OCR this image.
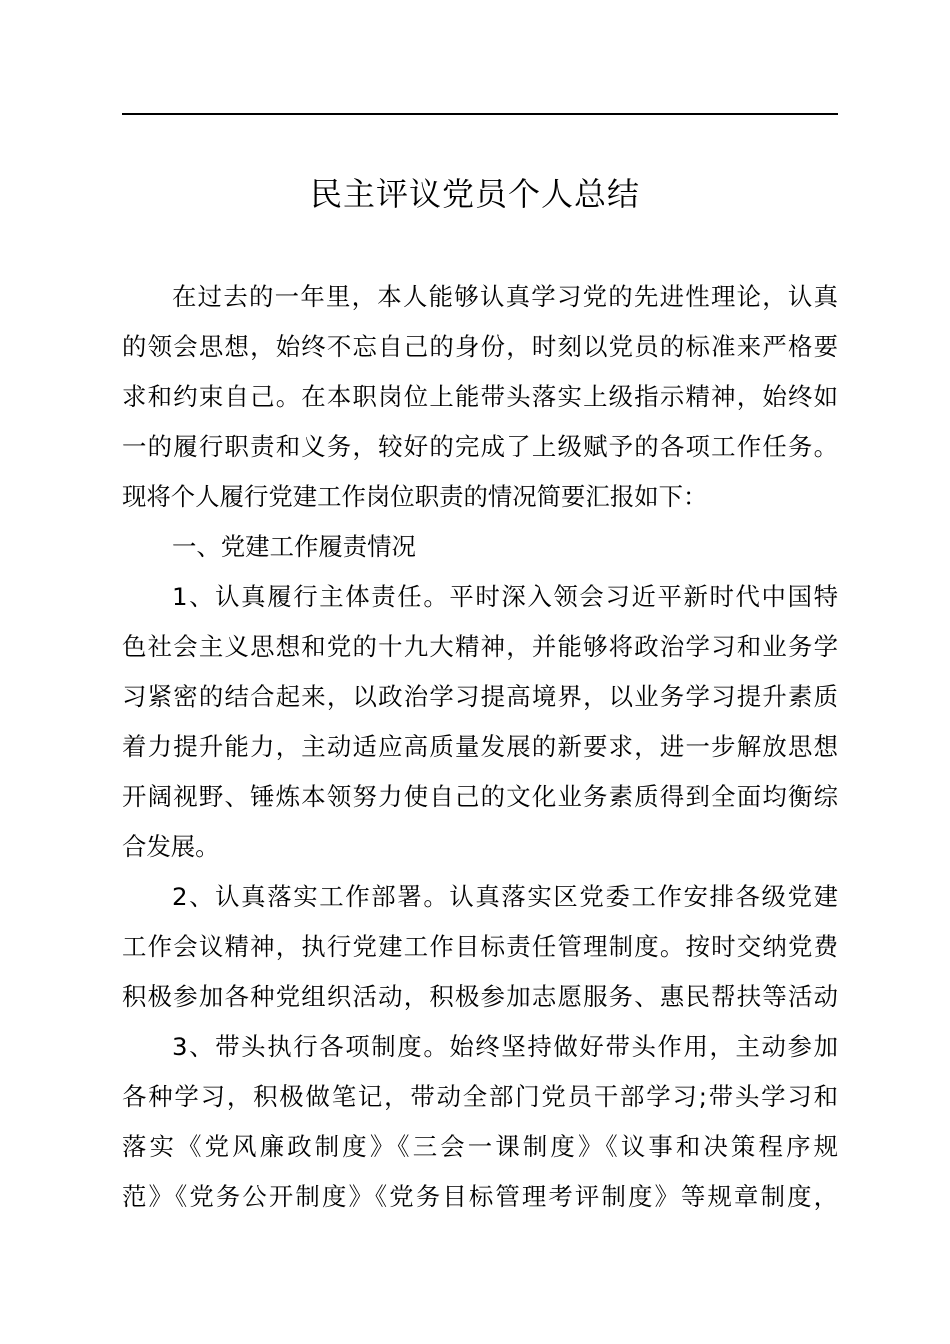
民主评议党员个人总结
在过去的一年里，本人能够认真学习党的先进性理论，认真
的领会思想，始终不忘自己的身份，时刻以党员的标准来严格要
求和约束自己。在本职岗位上能带头落实上级指示精神，始终如
一的履行职责和义务，较好的完成了上级赋予的各项工作任务。
现将个人履行党建工作岗位职责的情况简要汇报如下：
一、党建工作履责情况
1、认真履行主体责任。平时深入领会习近平新时代中国特
色社会主义思想和党的十九大精神，并能够将政治学习和业务学
习紧密的结合起来，以政治学习提高境界，以业务学习提升素质
着力提升能力，主动适应高质量发展的新要求，进一步解放思想
开阔视野、锤炼本领努力使自己的文化业务素质得到全面均衡综
合发展。
2、认真落实工作部署。认真落实区党委工作安排各级党建
工作会议精神，执行党建工作目标责任管理制度。按时交纳党费
积极参加各种党组织活动，积极参加志愿服务、惠民帮扶等活动
3、带头执行各项制度。始终坚持做好带头作用，主动参加
各种学习，积极做笔记，带动全部门党员干部学习;带头学习和
落实《党风廉政制度》《三会一课制度》《议事和决策程序规
范》《党务公开制度》《党务目标管理考评制度》等规章制度，
